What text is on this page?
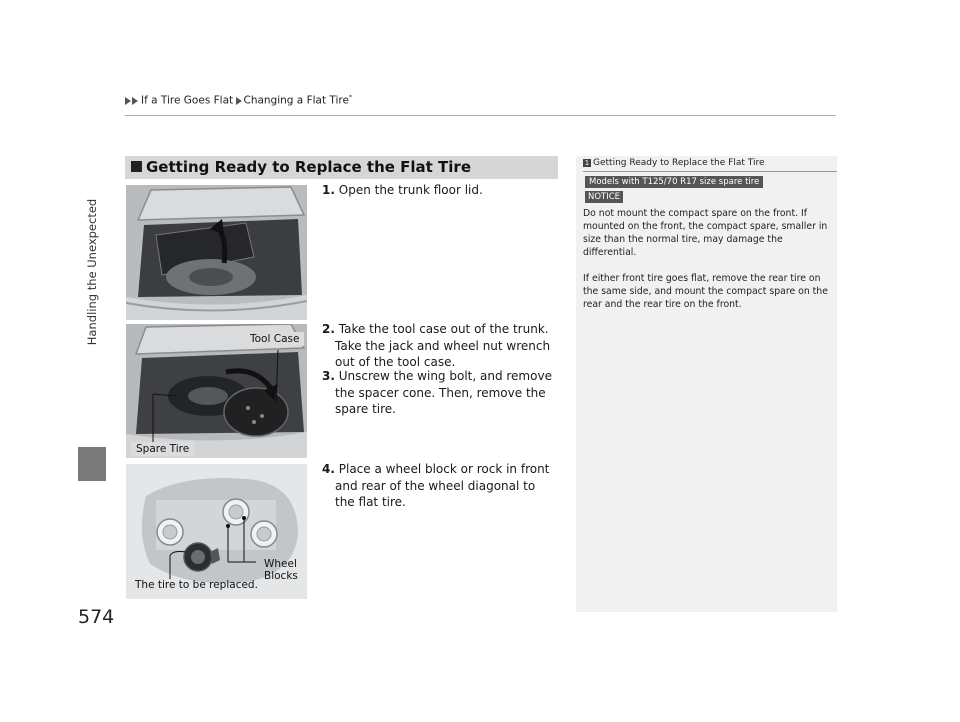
If a Tire Goes Flat Changing a Flat Tire*
Handling the Unexpected
574
Getting Ready to Replace the Flat Tire
Tool Case
Spare Tire
Wheel
Blocks
The tire to be replaced.
1. Open the trunk floor lid.
2. Take the tool case out of the trunk. Take the jack and wheel nut wrench out of the tool case.
3. Unscrew the wing bolt, and remove the spacer cone. Then, remove the spare tire.
4. Place a wheel block or rock in front and rear of the wheel diagonal to the flat tire.
1 Getting Ready to Replace the Flat Tire
Models with T125/70 R17 size spare tire
NOTICE
Do not mount the compact spare on the front. If mounted on the front, the compact spare, smaller in size than the normal tire, may damage the differential.
If either front tire goes flat, remove the rear tire on the same side, and mount the compact spare on the rear and the rear tire on the front.
